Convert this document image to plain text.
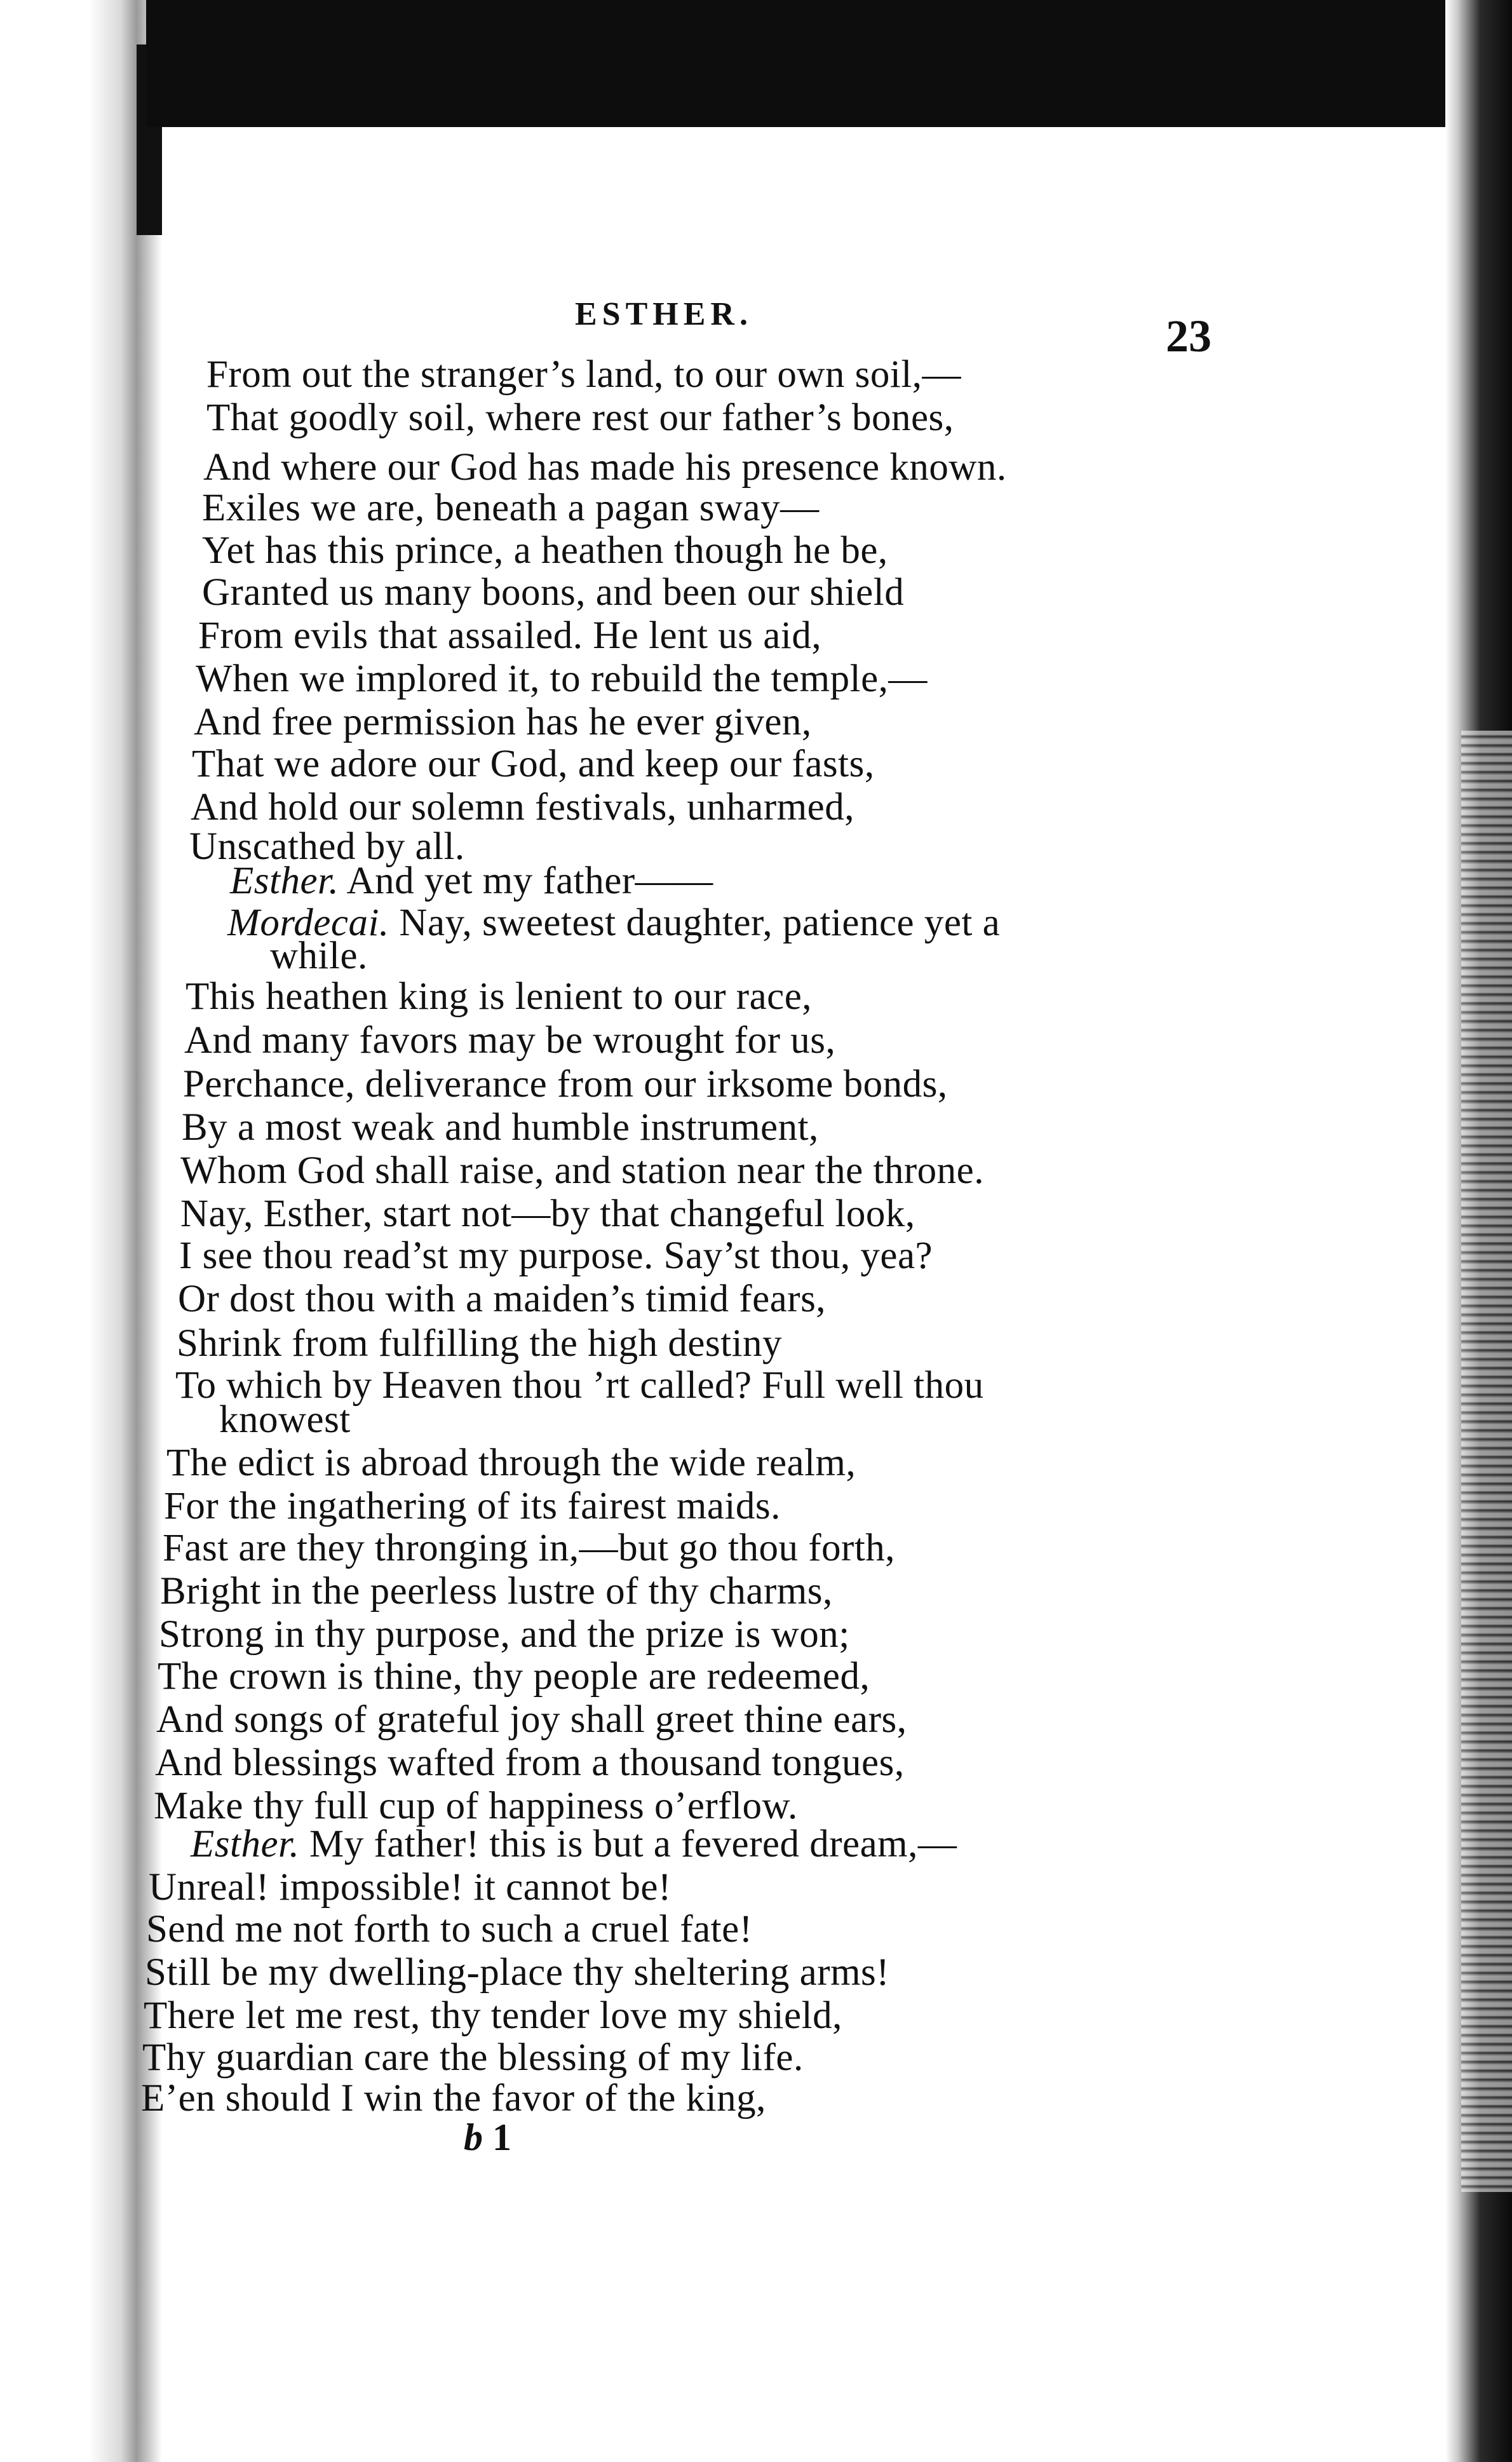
ESTHER.	23
From out the stranger’s land, to our own soil,—
That goodly soil, where rest our father’s bones,
And where our God has made his presence known.
Exiles we are, beneath a pagan sway—
Yet has this prince, a heathen though he be,
Granted us many boons, and been our shield
From evils that assailed. He lent us aid,
When we implored it, to rebuild the temple,—
And free permission has he ever given,
That we adore our God, and keep our fasts,
And hold our solemn festivals, unharmed,
Unscathed by all.
Esther. And yet my father——
Mordecai. Nay, sweetest daughter, patience yet a
while.
This heathen king is lenient to our race,
And many favors may be wrought for us,
Perchance, deliverance from our irksome bonds,
By a most weak and humble instrument,
Whom God shall raise, and station near the throne.
Nay, Esther, start not—by that changeful look,
I see thou read’st my purpose. Say’st thou, yea?
Or dost thou with a maiden’s timid fears,
Shrink from fulfilling the high destiny
To which by Heaven thou ’rt called? Full well thou
knowest
The edict is abroad through the wide realm,
For the ingathering of its fairest maids.
Fast are they thronging in,—but go thou forth,
Bright in the peerless lustre of thy charms,
Strong in thy purpose, and the prize is won;
The crown is thine, thy people are redeemed,
And songs of grateful joy shall greet thine ears,
And blessings wafted from a thousand tongues,
Make thy full cup of happiness o’erflow.
Esther. My father! this is but a fevered dream,—
Unreal! impossible! it cannot be!
Send me not forth to such a cruel fate!
Still be my dwelling-place thy sheltering arms!
There let me rest, thy tender love my shield,
Thy guardian care the blessing of my life.
E’en should I win the favor of the king,
b 1
